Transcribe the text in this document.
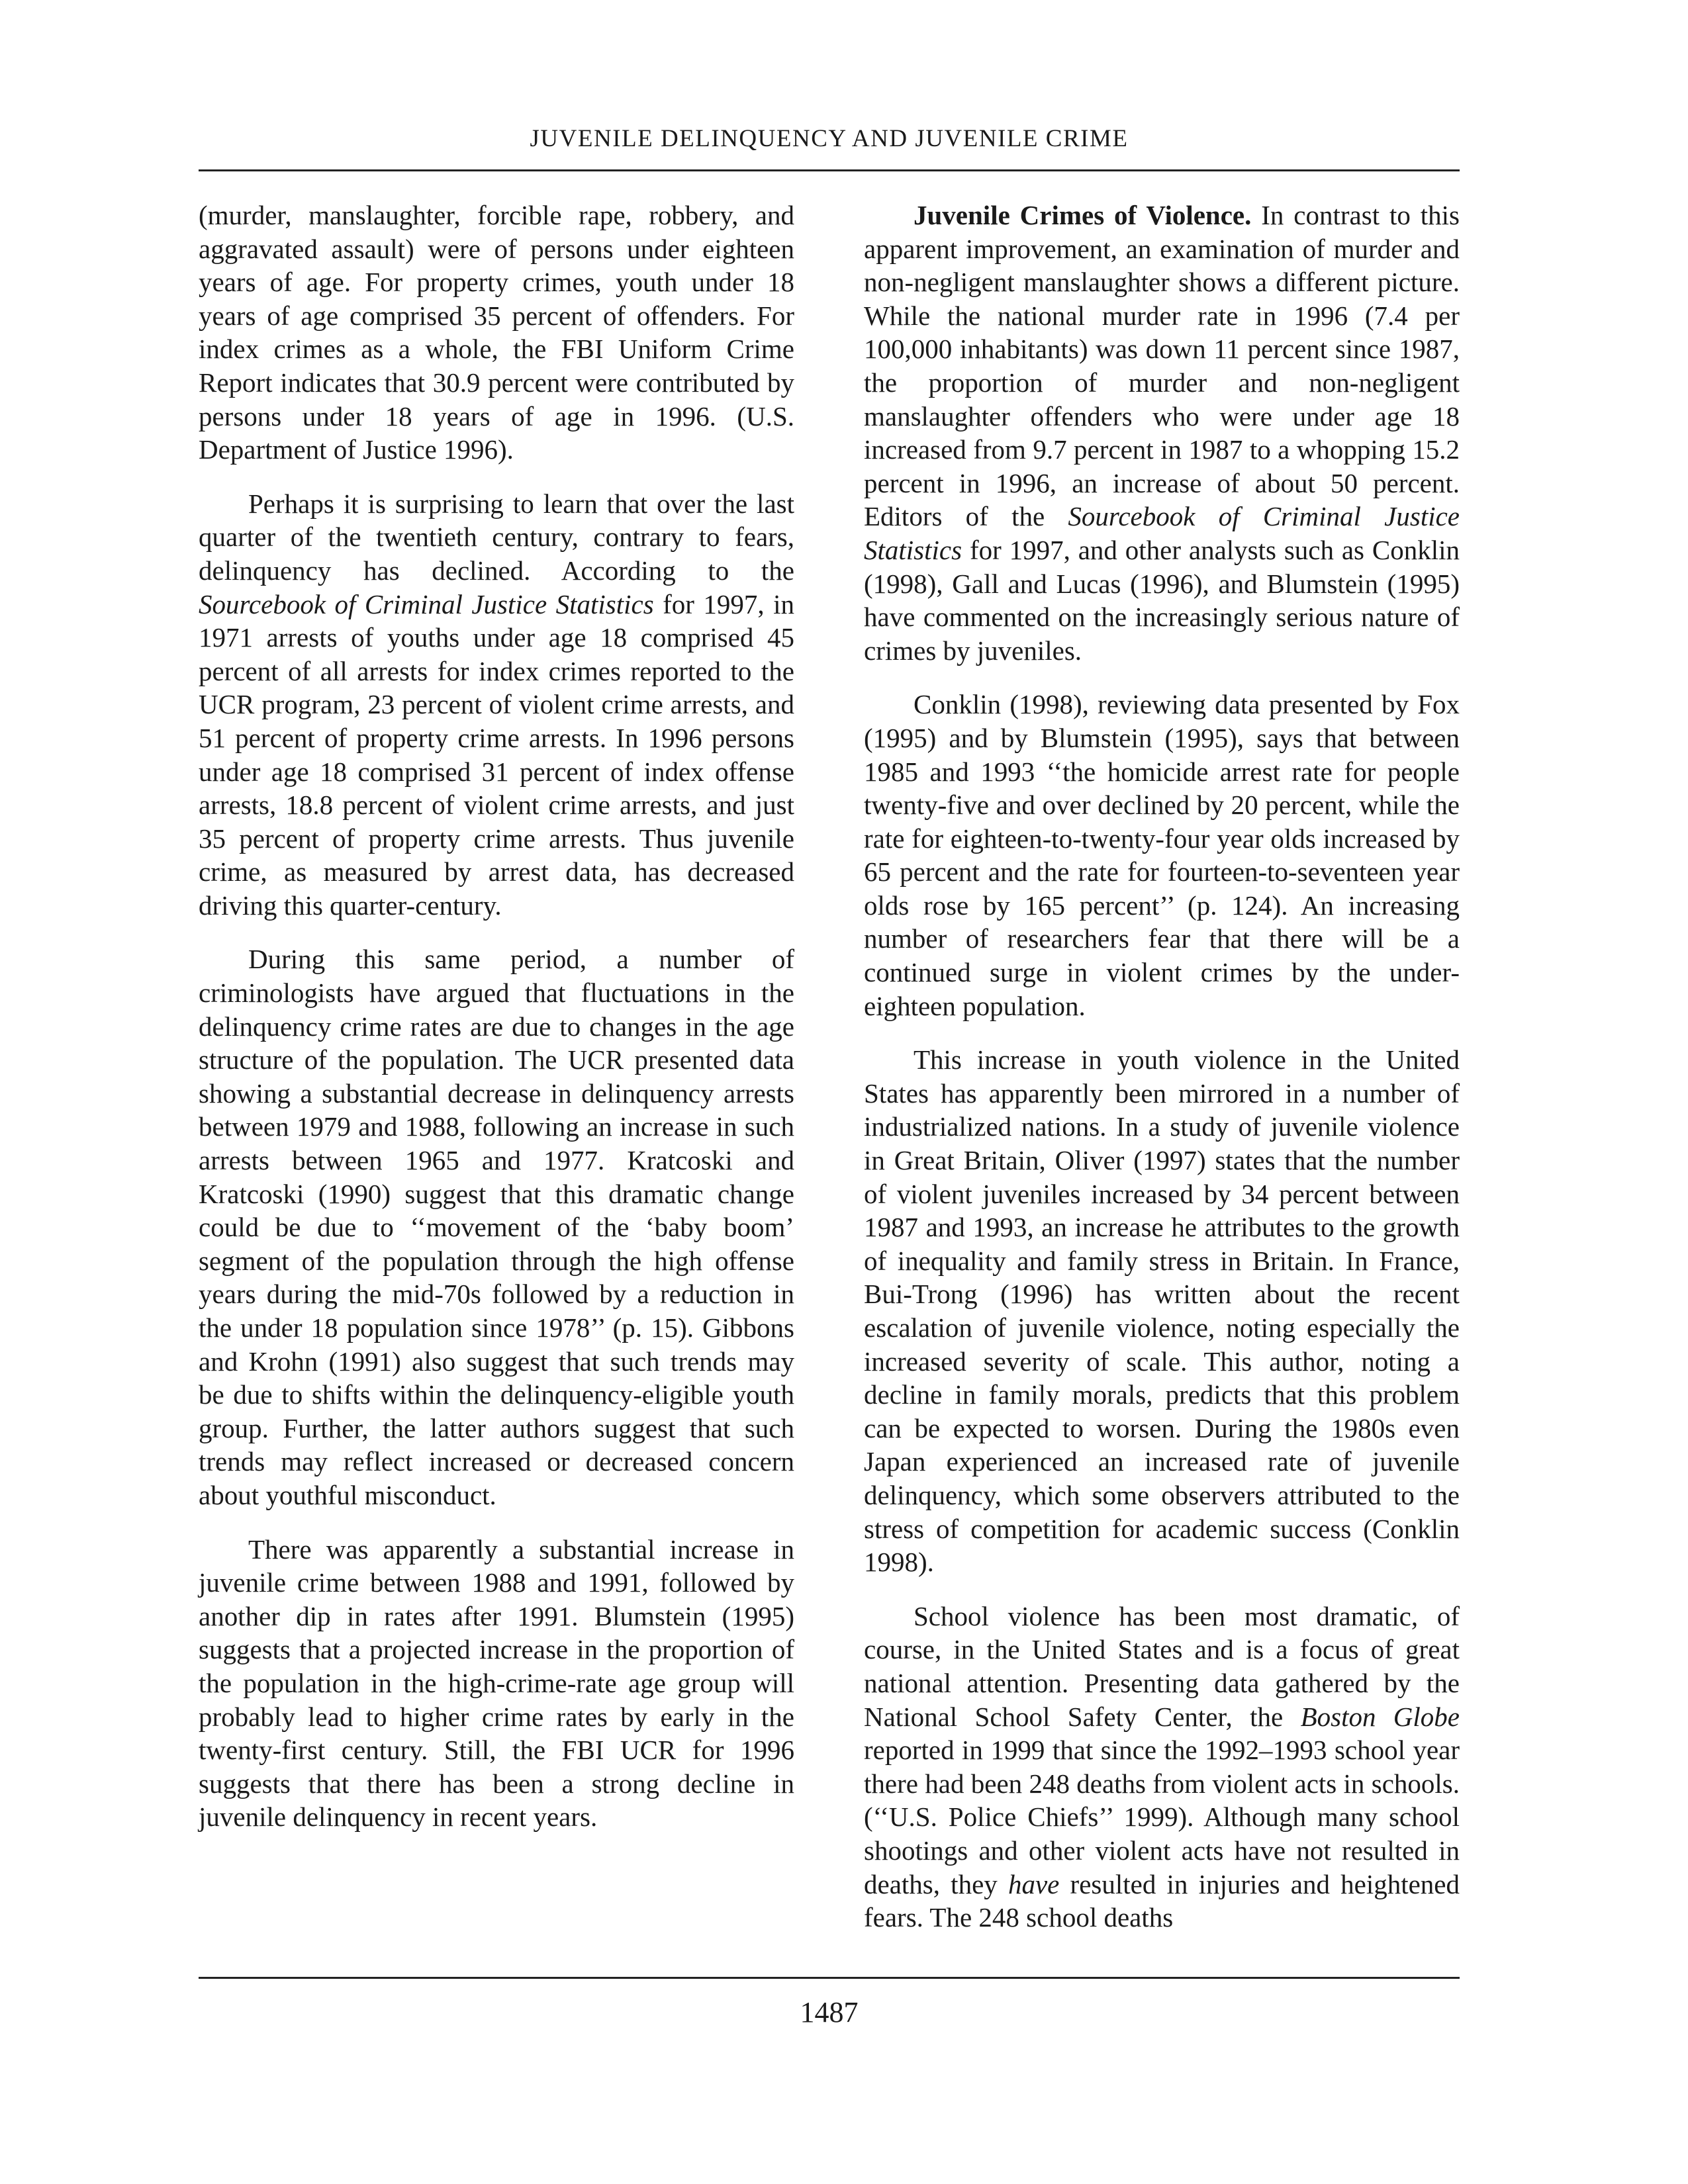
JUVENILE DELINQUENCY AND JUVENILE CRIME

(murder, manslaughter, forcible rape, robbery, and aggravated assault) were of persons under eighteen years of age. For property crimes, youth under 18 years of age comprised 35 percent of offenders. For index crimes as a whole, the FBI Uniform Crime Report indicates that 30.9 percent were contributed by persons under 18 years of age in 1996. (U.S. Department of Justice 1996).

Perhaps it is surprising to learn that over the last quarter of the twentieth century, contrary to fears, delinquency has declined. According to the Sourcebook of Criminal Justice Statistics for 1997, in 1971 arrests of youths under age 18 comprised 45 percent of all arrests for index crimes reported to the UCR program, 23 percent of violent crime arrests, and 51 percent of property crime arrests. In 1996 persons under age 18 comprised 31 percent of index offense arrests, 18.8 percent of violent crime arrests, and just 35 percent of property crime arrests. Thus juvenile crime, as measured by arrest data, has decreased driving this quarter-century.

During this same period, a number of criminologists have argued that fluctuations in the delinquency crime rates are due to changes in the age structure of the population. The UCR presented data showing a substantial decrease in delinquency arrests between 1979 and 1988, following an increase in such arrests between 1965 and 1977. Kratcoski and Kratcoski (1990) suggest that this dramatic change could be due to ‘‘movement of the ‘baby boom’ segment of the population through the high offense years during the mid-70s followed by a reduction in the under 18 population since 1978’’ (p. 15). Gibbons and Krohn (1991) also suggest that such trends may be due to shifts within the delinquency-eligible youth group. Further, the latter authors suggest that such trends may reflect increased or decreased concern about youthful misconduct.

There was apparently a substantial increase in juvenile crime between 1988 and 1991, followed by another dip in rates after 1991. Blumstein (1995) suggests that a projected increase in the proportion of the population in the high-crime-rate age group will probably lead to higher crime rates by early in the twenty-first century. Still, the FBI UCR for 1996 suggests that there has been a strong decline in juvenile delinquency in recent years.

Juvenile Crimes of Violence. In contrast to this apparent improvement, an examination of murder and non-negligent manslaughter shows a different picture. While the national murder rate in 1996 (7.4 per 100,000 inhabitants) was down 11 percent since 1987, the proportion of murder and non-negligent manslaughter offenders who were under age 18 increased from 9.7 percent in 1987 to a whopping 15.2 percent in 1996, an increase of about 50 percent. Editors of the Sourcebook of Criminal Justice Statistics for 1997, and other analysts such as Conklin (1998), Gall and Lucas (1996), and Blumstein (1995) have commented on the increasingly serious nature of crimes by juveniles.

Conklin (1998), reviewing data presented by Fox (1995) and by Blumstein (1995), says that between 1985 and 1993 ‘‘the homicide arrest rate for people twenty-five and over declined by 20 percent, while the rate for eighteen-to-twenty-four year olds increased by 65 percent and the rate for fourteen-to-seventeen year olds rose by 165 percent’’ (p. 124). An increasing number of researchers fear that there will be a continued surge in violent crimes by the under-eighteen population.

This increase in youth violence in the United States has apparently been mirrored in a number of industrialized nations. In a study of juvenile violence in Great Britain, Oliver (1997) states that the number of violent juveniles increased by 34 percent between 1987 and 1993, an increase he attributes to the growth of inequality and family stress in Britain. In France, Bui-Trong (1996) has written about the recent escalation of juvenile violence, noting especially the increased severity of scale. This author, noting a decline in family morals, predicts that this problem can be expected to worsen. During the 1980s even Japan experienced an increased rate of juvenile delinquency, which some observers attributed to the stress of competition for academic success (Conklin 1998).

School violence has been most dramatic, of course, in the United States and is a focus of great national attention. Presenting data gathered by the National School Safety Center, the Boston Globe reported in 1999 that since the 1992–1993 school year there had been 248 deaths from violent acts in schools. (‘‘U.S. Police Chiefs’’ 1999). Although many school shootings and other violent acts have not resulted in deaths, they have resulted in injuries and heightened fears. The 248 school deaths

1487
